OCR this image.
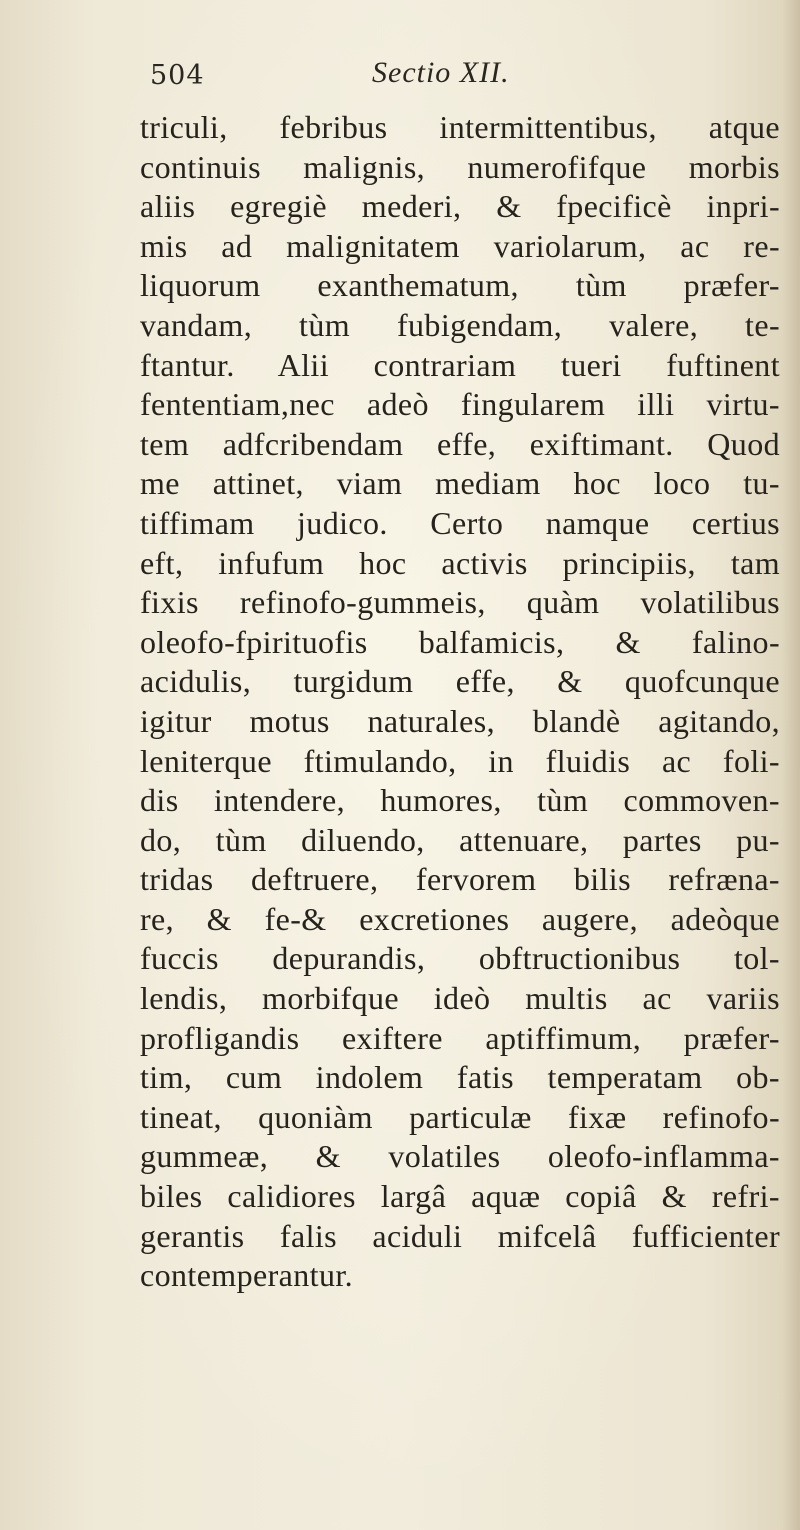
504	Sectio XII.
triculi, febribus intermittentibus, atque
continuis malignis, numerofifque morbis
aliis egregiè mederi, & fpecificè inpri-
mis ad malignitatem variolarum, ac re-
liquorum exanthematum, tùm præfer-
vandam, tùm fubigendam, valere, te-
ftantur. Alii contrariam tueri fuftinent
fententiam,nec adeò fingularem illi virtu-
tem adfcribendam effe, exiftimant. Quod
me attinet, viam mediam hoc loco tu-
tiffimam judico. Certo namque certius
eft, infufum hoc activis principiis, tam
fixis refinofo-gummeis, quàm volatilibus
oleofo-fpirituofis balfamicis, & falino-
acidulis, turgidum effe, & quofcunque
igitur motus naturales, blandè agitando,
leniterque ftimulando, in fluidis ac foli-
dis intendere, humores, tùm commoven-
do, tùm diluendo, attenuare, partes pu-
tridas deftruere, fervorem bilis refræna-
re, & fe-& excretiones augere, adeòque
fuccis depurandis, obftructionibus tol-
lendis, morbifque ideò multis ac variis
profligandis exiftere aptiffimum, præfer-
tim, cum indolem fatis temperatam ob-
tineat, quoniàm particulæ fixæ refinofo-
gummeæ, & volatiles oleofo-inflamma-
biles calidiores largâ aquæ copiâ & refri-
gerantis falis aciduli mifcelâ fufficienter
contemperantur.
